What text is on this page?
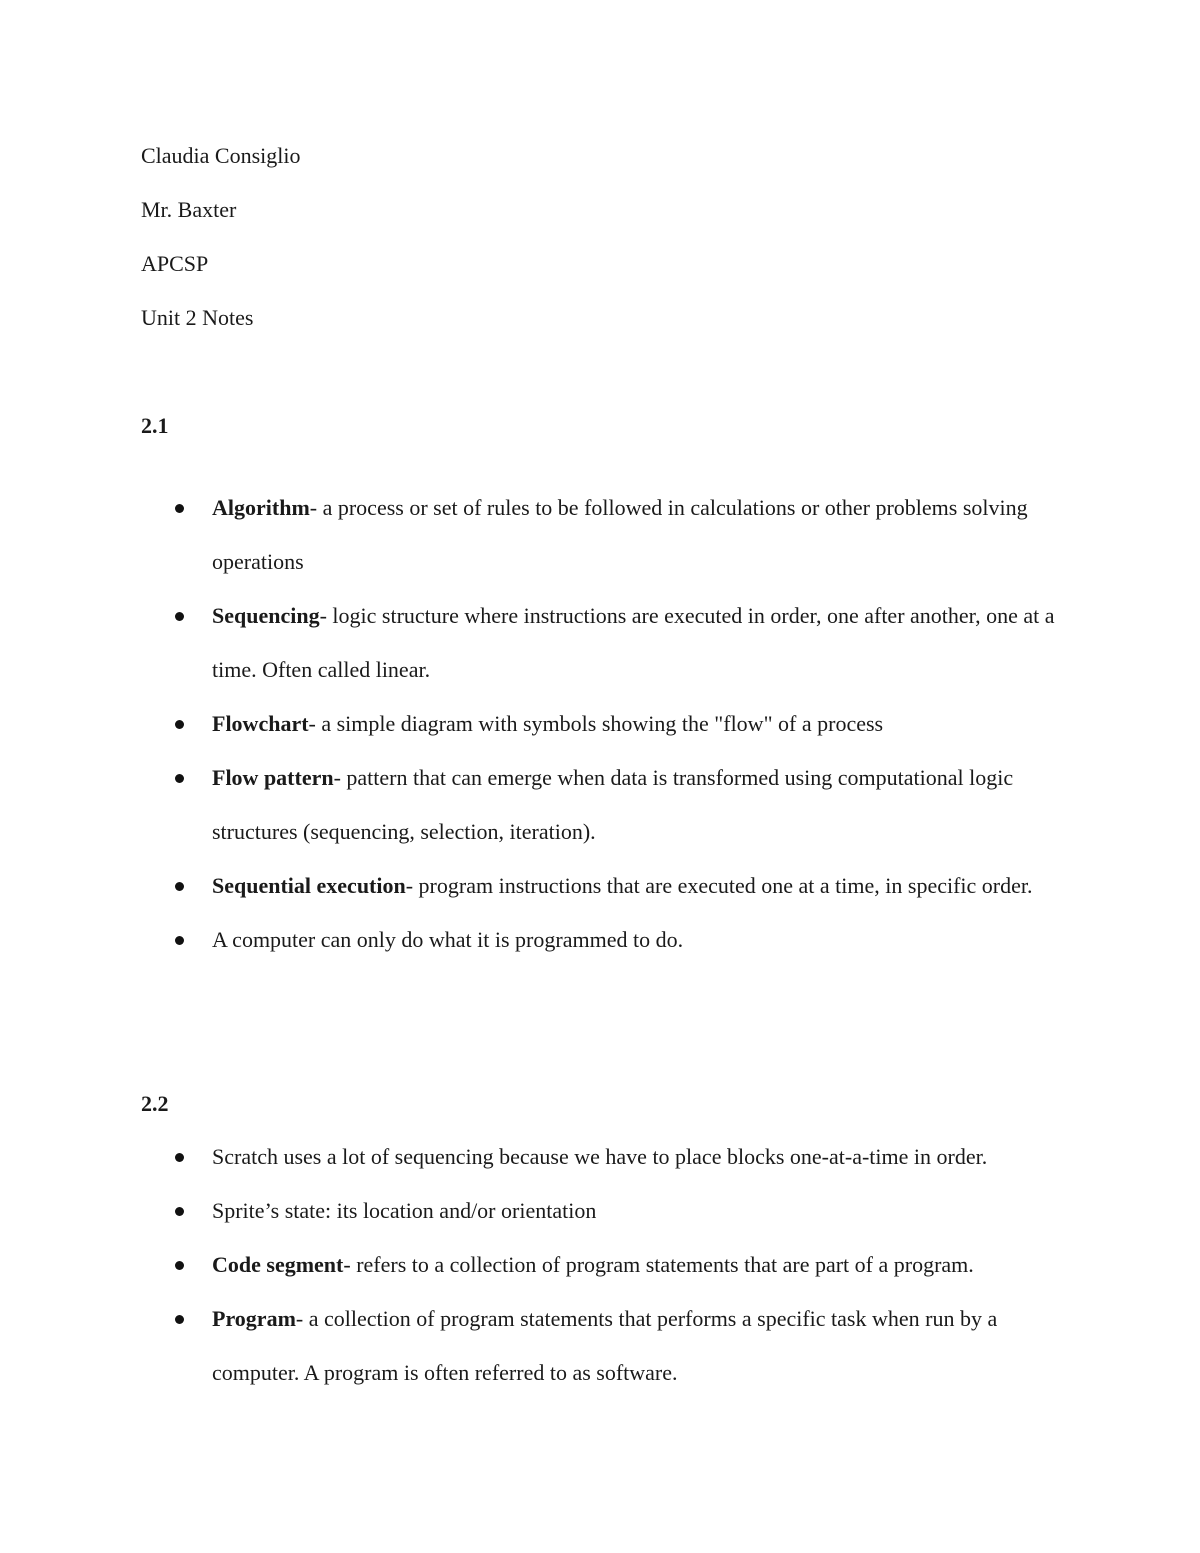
Claudia Consiglio

Mr. Baxter

APCSP

Unit 2 Notes

2.1

Algorithm- a process or set of rules to be followed in calculations or other problems solving operations
Sequencing- logic structure where instructions are executed in order, one after another, one at a time. Often called linear.
Flowchart- a simple diagram with symbols showing the "flow" of a process
Flow pattern- pattern that can emerge when data is transformed using computational logic structures (sequencing, selection, iteration).
Sequential execution- program instructions that are executed one at a time, in specific order.
A computer can only do what it is programmed to do.

2.2

Scratch uses a lot of sequencing because we have to place blocks one-at-a-time in order.
Sprite’s state: its location and/or orientation
Code segment- refers to a collection of program statements that are part of a program.
Program- a collection of program statements that performs a specific task when run by a computer. A program is often referred to as software.
